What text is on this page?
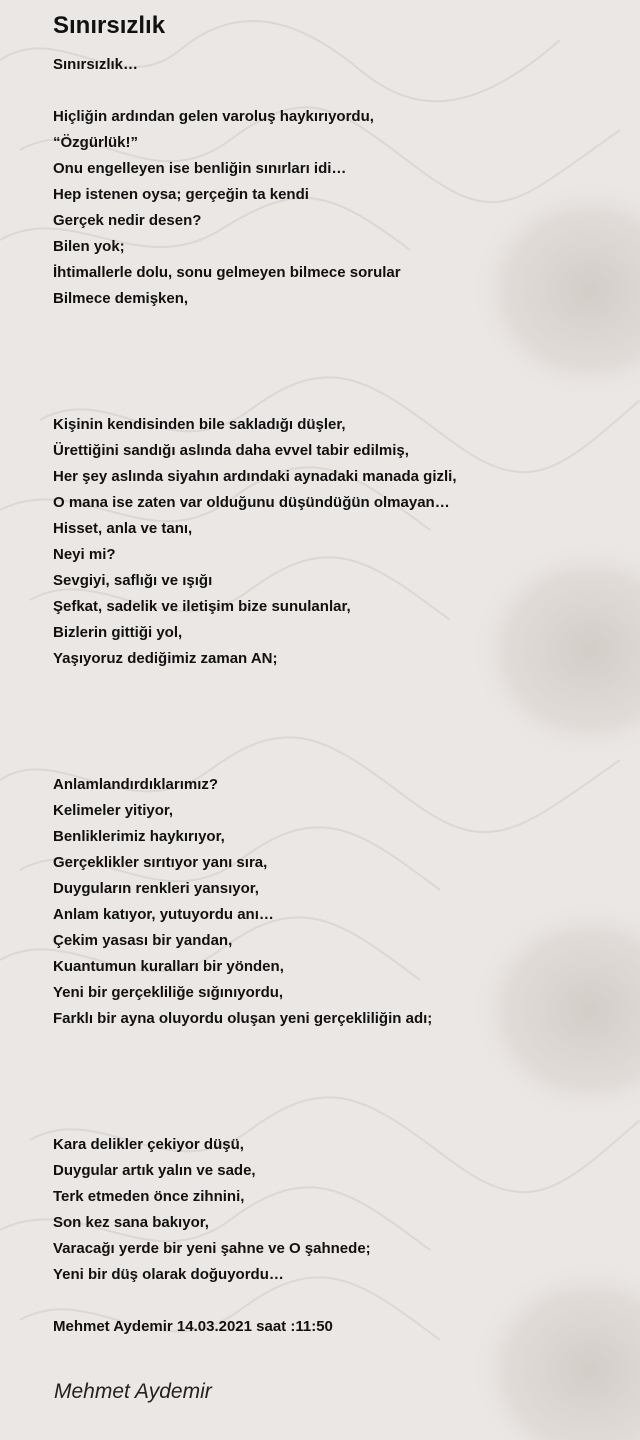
Sınırsızlık

Sınırsızlık…

Hiçliğin ardından gelen varoluş haykırıyordu,

“Özgürlük!”

Onu engelleyen ise benliğin sınırları idi…

Hep istenen oysa; gerçeğin ta kendi

Gerçek nedir desen?

Bilen yok;

İhtimallerle dolu, sonu gelmeyen bilmece sorular

Bilmece demişken,

Kişinin kendisinden bile sakladığı düşler,

Ürettiğini sandığı aslında daha evvel tabir edilmiş,

Her şey aslında siyahın ardındaki aynadaki manada gizli,

O mana ise zaten var olduğunu düşündüğün olmayan…

Hisset, anla ve tanı,

Neyi mi?

Sevgiyi, saflığı ve ışığı

Şefkat, sadelik ve iletişim bize sunulanlar,

Bizlerin gittiği yol,

Yaşıyoruz dediğimiz zaman AN;

Anlamlandırdıklarımız?

Kelimeler yitiyor,

Benliklerimiz haykırıyor,

Gerçeklikler sırıtıyor yanı sıra,

Duyguların renkleri yansıyor,

Anlam katıyor, yutuyordu anı…

Çekim yasası bir yandan,

Kuantumun kuralları bir yönden,

Yeni bir gerçekliliğe sığınıyordu,

Farklı bir ayna oluyordu oluşan yeni gerçekliliğin adı;

Kara delikler çekiyor düşü,

Duygular artık yalın ve sade,

Terk etmeden önce zihnini,

Son kez sana bakıyor,

Varacağı yerde bir yeni şahne ve O şahnede;

Yeni bir düş olarak doğuyordu…

Mehmet Aydemir 14.03.2021 saat :11:50

Mehmet Aydemir
